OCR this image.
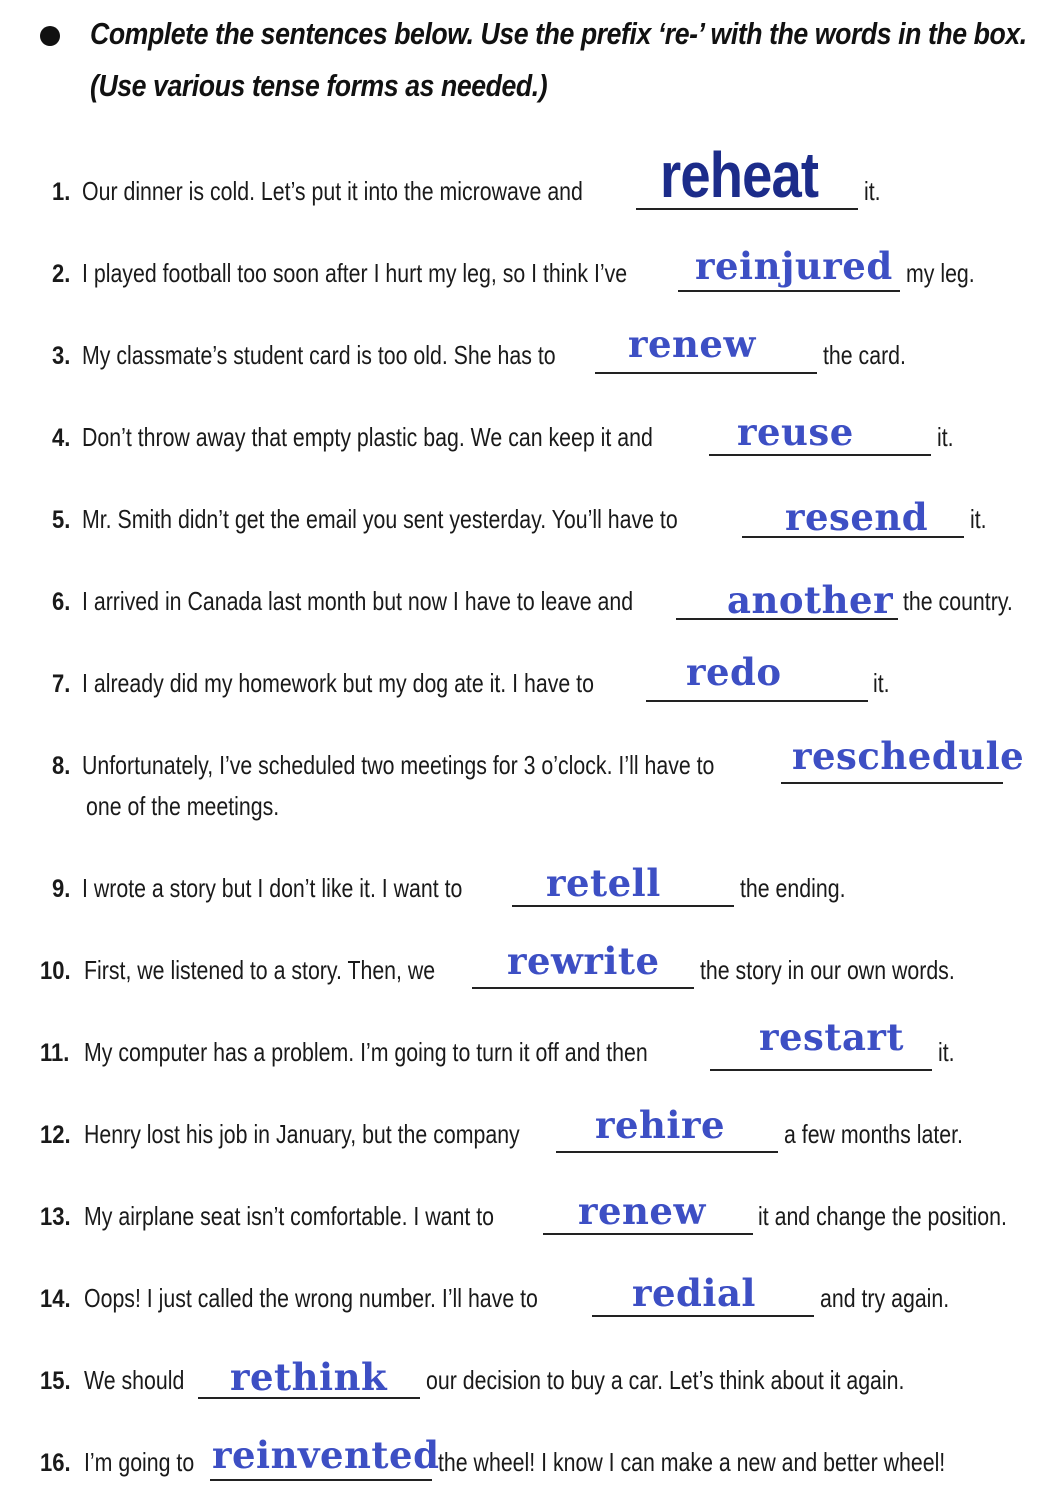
Complete the sentences below. Use the prefix ‘re-’ with the words in the box.
(Use various tense forms as needed.)
1. Our dinner is cold. Let’s put it into the microwave and reheat it.
2. I played football too soon after I hurt my leg, so I think I’ve reinjured my leg.
3. My classmate’s student card is too old. She has to renew	the card.
4. Don’t throw away that empty plastic bag. We can keep it and reuse	it.
5. Mr. Smith didn’t get the email you sent yesterday. You’ll have to	resend it.
6. I arrived in Canada last month but now I have to leave and	another the country.
7. I already did my homework but my dog ate it. I have to redo	it.
8. Unfortunately, I’ve scheduled two meetings for 3 o’clock. I’ll have to reschedule
one of the meetings.
9. I wrote a story but I don’t like it. I want to retell	the ending.
10. First, we listened to a story. Then, we rewrite the story in our own words.
11. My computer has a problem. I’m going to turn it off and then	restart it.
12. Henry lost his job in January, but the company rehire a few months later.
13. My airplane seat isn’t comfortable. I want to renew it and change the position.
14. Oops! I just called the wrong number. I’ll have to	redial and try again.
15. We should rethink our decision to buy a car. Let’s think about it again.
16. I’m going to reinvented
the wheel! I know I can make a new and better wheel!
